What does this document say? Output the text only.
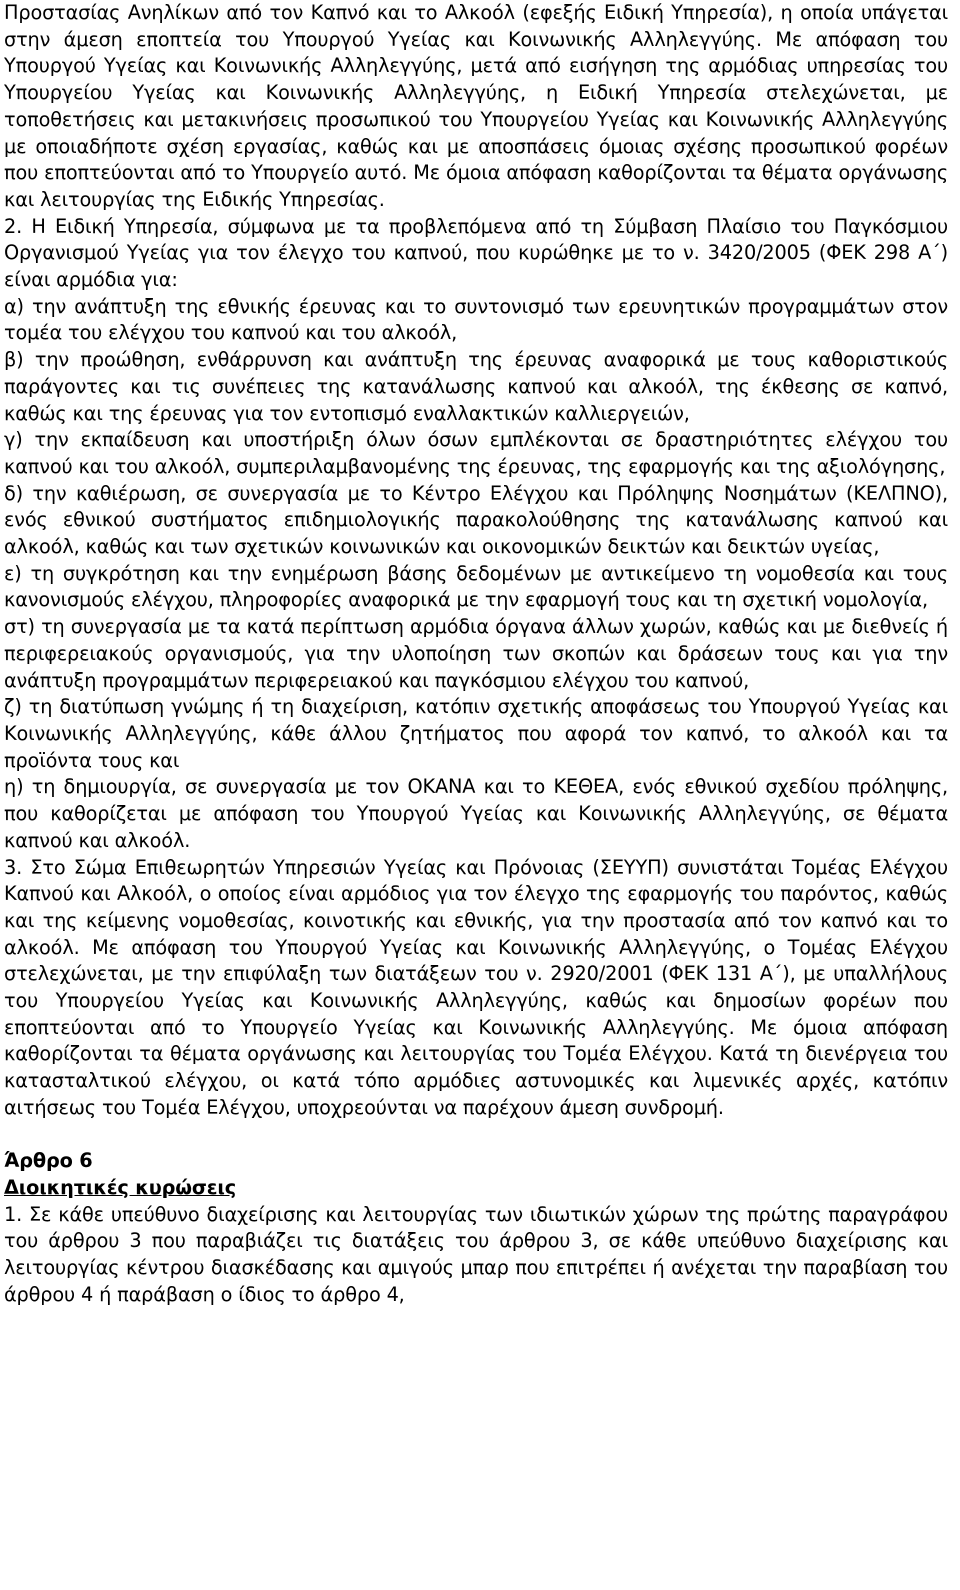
Προστασίας Ανηλίκων από τον Καπνό και το Αλκοόλ (εφεξής Ειδική Υπηρεσία), η οποία υπάγεται στην άμεση εποπτεία του Υπουργού Υγείας και Κοινωνικής Αλληλεγγύης. Με απόφαση του Υπουργού Υγείας και Κοινωνικής Αλληλεγγύης, μετά από εισήγηση της αρμόδιας υπηρεσίας του Υπουργείου Υγείας και Κοινωνικής Αλληλεγγύης, η Ειδική Υπηρεσία στελεχώνεται, με τοποθετήσεις και μετακινήσεις προσωπικού του Υπουργείου Υγείας και Κοινωνικής Αλληλεγγύης με οποιαδήποτε σχέση εργασίας, καθώς και με αποσπάσεις όμοιας σχέσης προσωπικού φορέων που εποπτεύονται από το Υπουργείο αυτό. Με όμοια απόφαση καθορίζονται τα θέματα οργάνωσης και λειτουργίας της Ειδικής Υπηρεσίας.

2. Η Ειδική Υπηρεσία, σύμφωνα με τα προβλεπόμενα από τη Σύμβαση Πλαίσιο του Παγκόσμιου Οργανισμού Υγείας για τον έλεγχο του καπνού, που κυρώθηκε με το ν. 3420/2005 (ΦΕΚ 298 Α΄) είναι αρμόδια για:

α) την ανάπτυξη της εθνικής έρευνας και το συντονισμό των ερευνητικών προγραμμάτων στον τομέα του ελέγχου του καπνού και του αλκοόλ,

β) την προώθηση, ενθάρρυνση και ανάπτυξη της έρευνας αναφορικά με τους καθοριστικούς παράγοντες και τις συνέπειες της κατανάλωσης καπνού και αλκοόλ, της έκθεσης σε καπνό, καθώς και της έρευνας για τον εντοπισμό εναλλακτικών καλλιεργειών,

γ) την εκπαίδευση και υποστήριξη όλων όσων εμπλέκονται σε δραστηριότητες ελέγχου του καπνού και του αλκοόλ, συμπεριλαμβανομένης της έρευνας, της εφαρμογής και της αξιολόγησης,

δ) την καθιέρωση, σε συνεργασία με το Κέντρο Ελέγχου και Πρόληψης Νοσημάτων (ΚΕΛΠΝΟ), ενός εθνικού συστήματος επιδημιολογικής παρακολούθησης της κατανάλωσης καπνού και αλκοόλ, καθώς και των σχετικών κοινωνικών και οικονομικών δεικτών και δεικτών υγείας,

ε) τη συγκρότηση και την ενημέρωση βάσης δεδομένων με αντικείμενο τη νομοθεσία και τους κανονισμούς ελέγχου, πληροφορίες αναφορικά με την εφαρμογή τους και τη σχετική νομολογία,

στ) τη συνεργασία με τα κατά περίπτωση αρμόδια όργανα άλλων χωρών, καθώς και με διεθνείς ή περιφερειακούς οργανισμούς, για την υλοποίηση των σκοπών και δράσεων τους και για την ανάπτυξη προγραμμάτων περιφερειακού και παγκόσμιου ελέγχου του καπνού,

ζ) τη διατύπωση γνώμης ή τη διαχείριση, κατόπιν σχετικής αποφάσεως του Υπουργού Υγείας και Κοινωνικής Αλληλεγγύης, κάθε άλλου ζητήματος που αφορά τον καπνό, το αλκοόλ και τα προϊόντα τους και

η) τη δημιουργία, σε συνεργασία με τον ΟΚΑΝΑ και το ΚΕΘΕΑ, ενός εθνικού σχεδίου πρόληψης, που καθορίζεται με απόφαση του Υπουργού Υγείας και Κοινωνικής Αλληλεγγύης, σε θέματα καπνού και αλκοόλ.

3. Στο Σώμα Επιθεωρητών Υπηρεσιών Υγείας και Πρόνοιας (ΣΕΥΥΠ) συνιστάται Τομέας Ελέγχου Καπνού και Αλκοόλ, ο οποίος είναι αρμόδιος για τον έλεγχο της εφαρμογής του παρόντος, καθώς και της κείμενης νομοθεσίας, κοινοτικής και εθνικής, για την προστασία από τον καπνό και το αλκοόλ. Με απόφαση του Υπουργού Υγείας και Κοινωνικής Αλληλεγγύης, ο Τομέας Ελέγχου στελεχώνεται, με την επιφύλαξη των διατάξεων του ν. 2920/2001 (ΦΕΚ 131 Α΄), με υπαλλήλους του Υπουργείου Υγείας και Κοινωνικής Αλληλεγγύης, καθώς και δημοσίων φορέων που εποπτεύονται από το Υπουργείο Υγείας και Κοινωνικής Αλληλεγγύης. Με όμοια απόφαση καθορίζονται τα θέματα οργάνωσης και λειτουργίας του Τομέα Ελέγχου. Κατά τη διενέργεια του κατασταλτικού ελέγχου, οι κατά τόπο αρμόδιες αστυνομικές και λιμενικές αρχές, κατόπιν αιτήσεως του Τομέα Ελέγχου, υποχρεούνται να παρέχουν άμεση συνδρομή.

Άρθρο 6
Διοικητικές κυρώσεις

1. Σε κάθε υπεύθυνο διαχείρισης και λειτουργίας των ιδιωτικών χώρων της πρώτης παραγράφου του άρθρου 3 που παραβιάζει τις διατάξεις του άρθρου 3, σε κάθε υπεύθυνο διαχείρισης και λειτουργίας κέντρου διασκέδασης και αμιγούς μπαρ που επιτρέπει ή ανέχεται την παραβίαση του άρθρου 4 ή παράβαση ο ίδιος το άρθρο 4,
